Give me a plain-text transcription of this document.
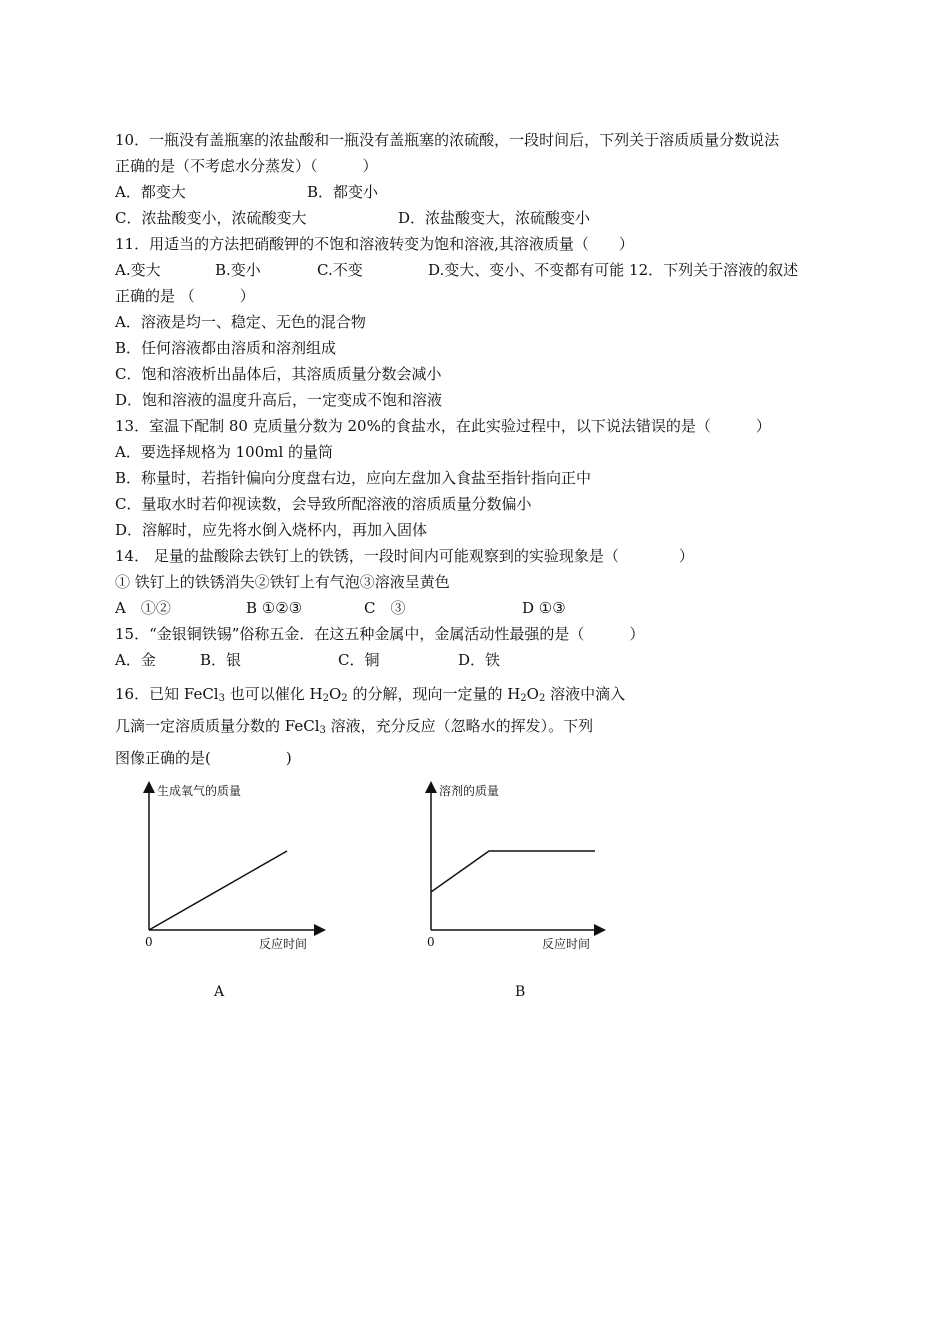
10．一瓶没有盖瓶塞的浓盐酸和一瓶没有盖瓶塞的浓硫酸，一段时间后，下列关于溶质质量分数说法
正确的是（不考虑水分蒸发）（　　　）
A．都变大	B．都变小
C．浓盐酸变小，浓硫酸变大	D．浓盐酸变大，浓硫酸变小
11．用适当的方法把硝酸钾的不饱和溶液转变为饱和溶液,其溶液质量（　　）
A.变大	B.变小	C.不变	D.变大、变小、不变都有可能 12．下列关于溶液的叙述
正确的是 （　　　）
A．溶液是均一、稳定、无色的混合物
B．任何溶液都由溶质和溶剂组成
C．饱和溶液析出晶体后，其溶质质量分数会减小
D．饱和溶液的温度升高后，一定变成不饱和溶液
13．室温下配制 80 克质量分数为 20%的食盐水，在此实验过程中，以下说法错误的是（　　　）
A．要选择规格为 100ml 的量筒
B．称量时，若指针偏向分度盘右边，应向左盘加入食盐至指针指向正中
C．量取水时若仰视读数，会导致所配溶液的溶质质量分数偏小
D．溶解时，应先将水倒入烧杯内，再加入固体
14． 足量的盐酸除去铁钉上的铁锈，一段时间内可能观察到的实验现象是（　　　　）
① 铁钉上的铁锈消失②铁钉上有气泡③溶液呈黄色
A　①②	B ①②③	C　③	D ①③
15．“金银铜铁锡”俗称五金．在这五种金属中，金属活动性最强的是（　　　）
A．金	B．银	C．铜	D．铁
16．已知 FeCl$_3$ 也可以催化 $H_2O_2$ 的分解，现向一定量的 $H_2O_2$ 溶液中滴入
几滴一定溶质质量分数的 FeCl$_3$ 溶液，充分反应（忽略水的挥发）。下列
图像正确的是(　　　　　)
生成氧气的质量
反应时间
0
A
溶剂的质量
反应时间
0
B
